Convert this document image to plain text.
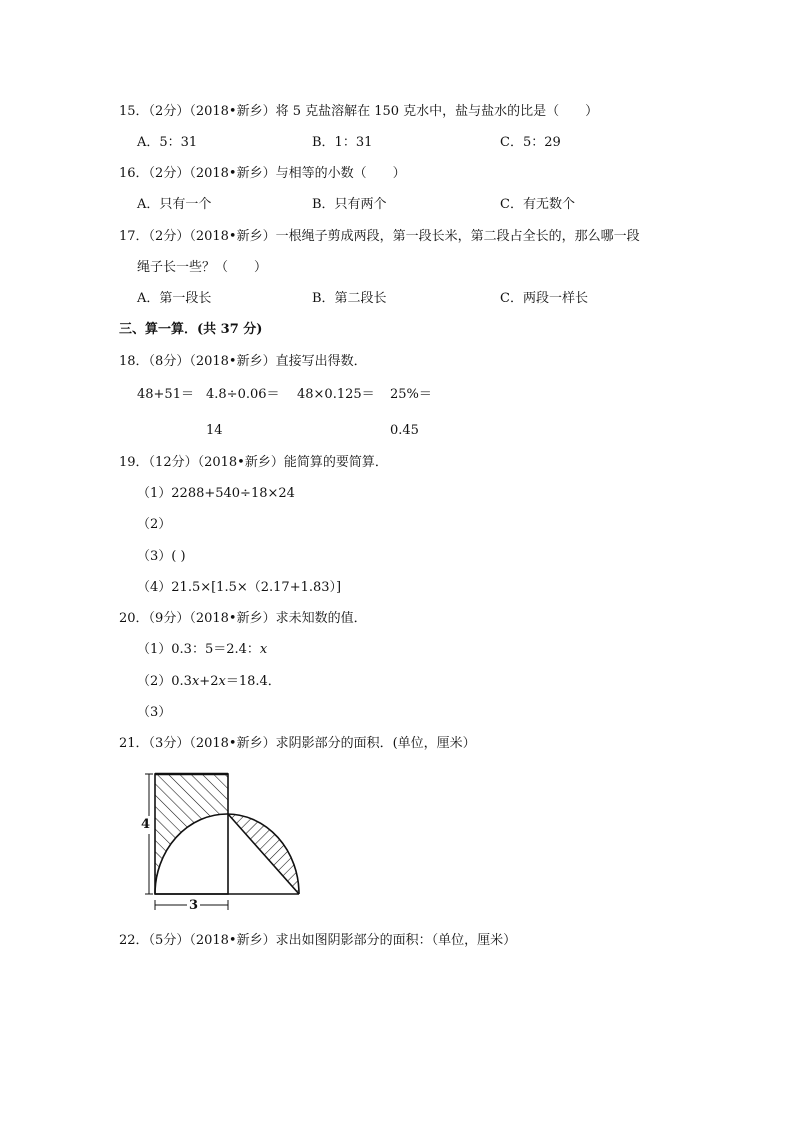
15．（2分）（2018•新乡）将 5 克盐溶解在 150 克水中，盐与盐水的比是（　　）
A．5：31	B．1：31	C．5：29
16．（2分）（2018•新乡）与相等的小数（　　）
A．只有一个	B．只有两个	C．有无数个
17．（2分）（2018•新乡）一根绳子剪成两段，第一段长米，第二段占全长的，那么哪一段
绳子长一些？（　　）
A．第一段长	B．第二段长	C．两段一样长
三、算一算．(共 37 分)
18．（8分）（2018•新乡）直接写出得数．
48+51＝ 4.8÷0.06＝ 48×0.125＝ 25%＝
14	0.45
19．（12分）（2018•新乡）能简算的要简算．
（1）2288+540÷18×24
（2）
（3）( )
（4）21.5×[1.5×（2.17+1.83）]
20．（9分）（2018•新乡）求未知数的值．
（1）0.3：5＝2.4：x
（2）0.3x+2x＝18.4．
（3）
21．（3分）（2018•新乡）求阴影部分的面积．(单位，厘米）
4
3
22．（5分）（2018•新乡）求出如图阴影部分的面积：（单位，厘米）
